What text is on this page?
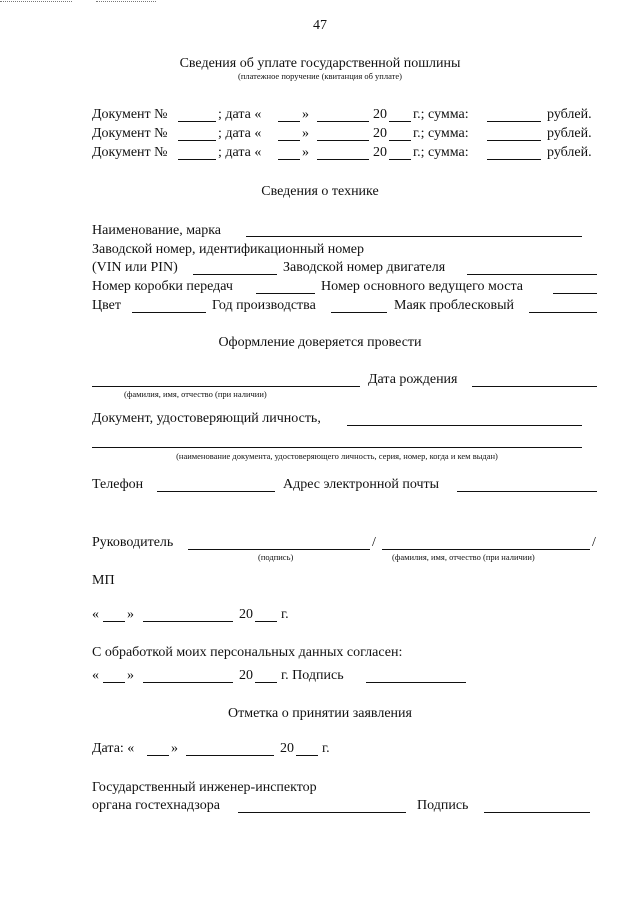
47
Сведения об уплате государственной пошлины
(платежное поручение (квитанция об уплате)
Документ №	; дата «	»	20 г.; сумма:	рублей.
Документ №	; дата «	»	20 г.; сумма:	рублей.
Документ №	; дата «	»	20 г.; сумма:	рублей.
Сведения о технике
Наименование, марка
Заводской номер, идентификационный номер
(VIN или PIN)	Заводской номер двигателя
Номер коробки передач	Номер основного ведущего моста
Цвет	Год производства	Маяк проблесковый
Оформление доверяется провести
Дата рождения
(фамилия, имя, отчество (при наличии)
Документ, удостоверяющий личность,
(наименование документа, удостоверяющего личность, серия, номер, когда и кем выдан)
Телефон	Адрес электронной почты
Руководитель	/	/
(подпись)	(фамилия, имя, отчество (при наличии)
МП
« »	20 г.
С обработкой моих персональных данных согласен:
« »	20 г. Подпись
Отметка о принятии заявления
Дата: «	»	20 г.
Государственный инженер-инспектор
органа гостехнадзора	Подпись
